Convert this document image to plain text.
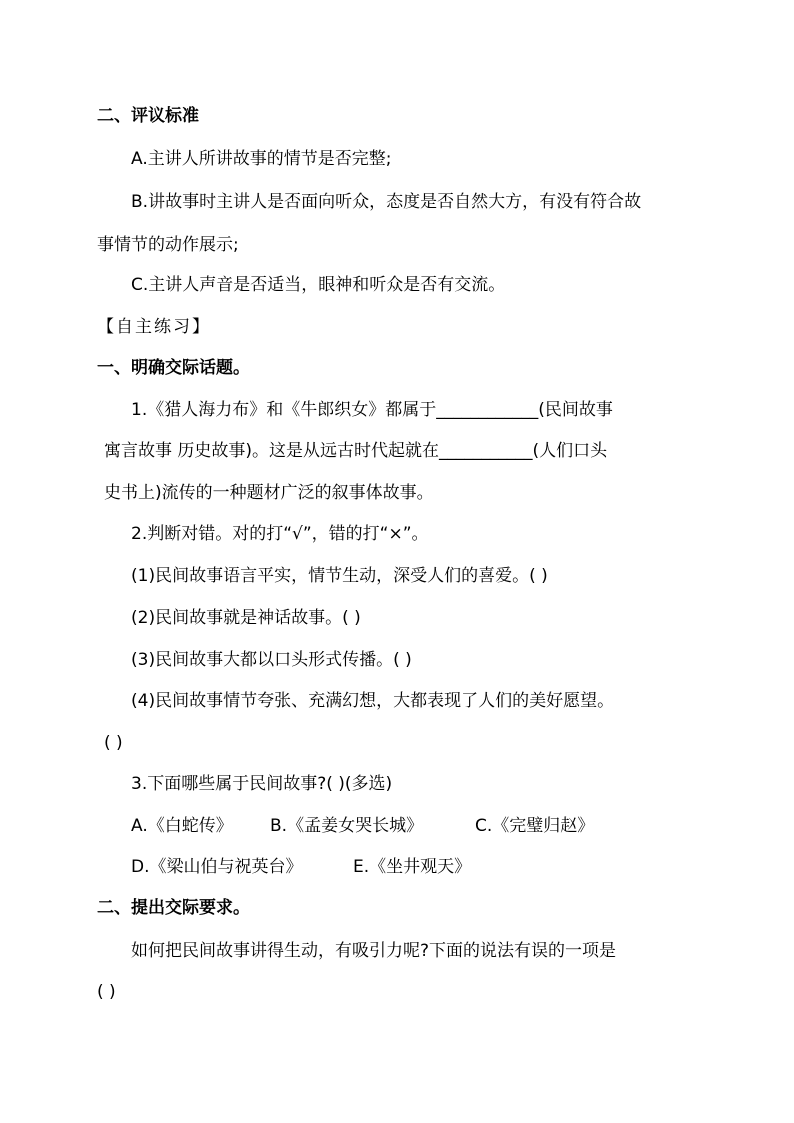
二、评议标准
A.主讲人所讲故事的情节是否完整;
B.讲故事时主讲人是否面向听众，态度是否自然大方，有没有符合故
事情节的动作展示;
C.主讲人声音是否适当，眼神和听众是否有交流。
【自主练习】
一、明确交际话题。
1.《猎人海力布》和《牛郎织女》都属于____________(民间故事
寓言故事 历史故事)。这是从远古时代起就在___________(人们口头
史书上)流传的一种题材广泛的叙事体故事。
2.判断对错。对的打“√”，错的打“×”。
(1)民间故事语言平实，情节生动，深受人们的喜爱。( )
(2)民间故事就是神话故事。( )
(3)民间故事大都以口头形式传播。( )
(4)民间故事情节夸张、充满幻想，大都表现了人们的美好愿望。
( )
3.下面哪些属于民间故事?( )(多选)
A.《白蛇传》 B.《孟姜女哭长城》	C.《完璧归赵》
D.《梁山伯与祝英台》	E.《坐井观天》
二、提出交际要求。
如何把民间故事讲得生动，有吸引力呢?下面的说法有误的一项是
( )
